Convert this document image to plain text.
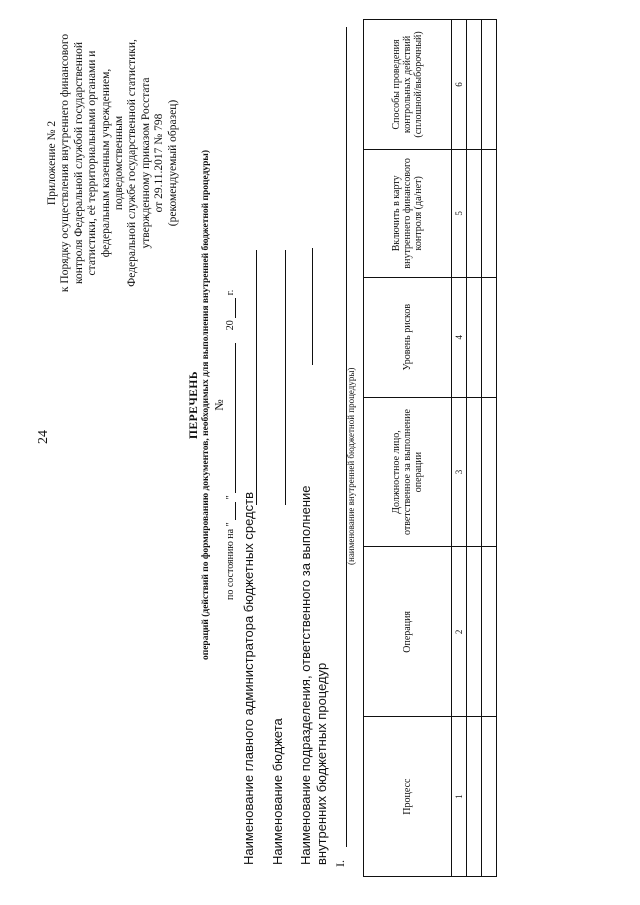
24
Приложение № 2 к Порядку осуществления внутреннего финансового контроля Федеральной службой государственной статистики, её территориальными органами и федеральным казенным учреждением, подведомственным Федеральной службе государственной статистики, утвержденному приказом Росстата от 29.11.2017 № 798 (рекомендуемый образец)
ПЕРЕЧЕНЬ операций (действий по формированию документов, необходимых для выполнения внутренней бюджетной процедуры) №
по состоянию на "  "  20  г.
Наименование главного администратора бюджетных средств Наименование бюджета Наименование подразделения, ответственного за выполнение внутренних бюджетных процедур I.
(наименование внутренней бюджетной процедуры)
Процесс	Операция	Должностное лицо, ответственное за выполнение операции	Уровень рисков	Включить в карту внутреннего финансового контроля (да/нет)	Способы проведения контрольных действий (сплошной/выборочный)
1	2	3	4	5	6
